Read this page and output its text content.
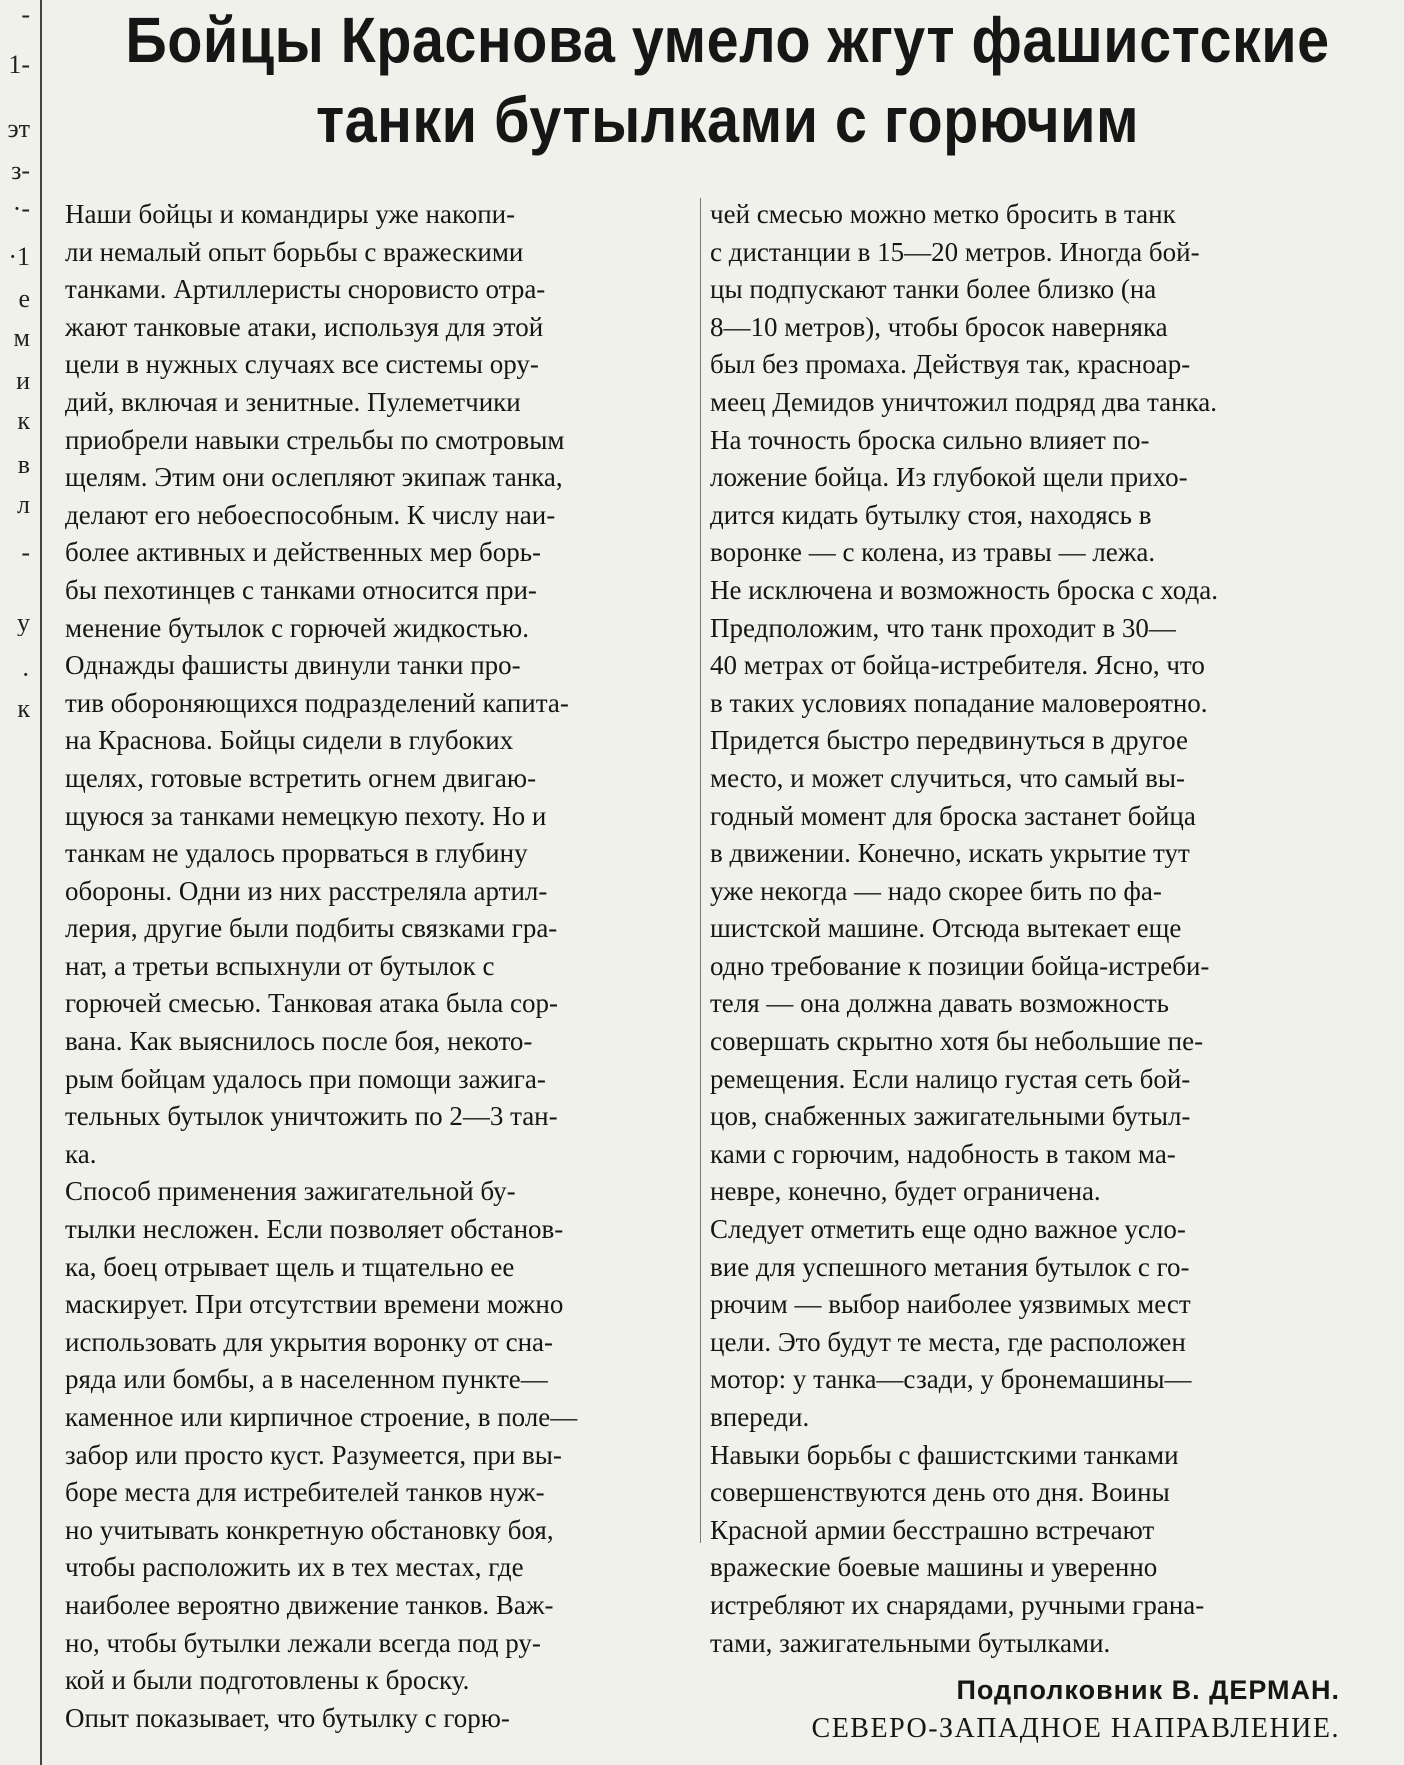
-
1-
эт
з-
·-
·1
е
м
и
к
в
л
-
у
·
к
Бойцы Краснова умело жгут фашистские
танки бутылками с горючим

Наши бойцы и командиры уже накопи-
ли немалый опыт борьбы с вражескими
танками. Артиллеристы сноровисто отра-
жают танковые атаки, используя для этой
цели в нужных случаях все системы ору-
дий, включая и зенитные. Пулеметчики
приобрели навыки стрельбы по смотровым
щелям. Этим они ослепляют экипаж танка,
делают его небоеспособным. К числу наи-
более активных и действенных мер борь-
бы пехотинцев с танками относится при-
менение бутылок с горючей жидкостью.

Однажды фашисты двинули танки про-
тив обороняющихся подразделений капита-
на Краснова. Бойцы сидели в глубоких
щелях, готовые встретить огнем двигаю-
щуюся за танками немецкую пехоту. Но и
танкам не удалось прорваться в глубину
обороны. Одни из них расстреляла артил-
лерия, другие были подбиты связками гра-
нат, а третьи вспыхнули от бутылок с
горючей смесью. Танковая атака была сор-
вана. Как выяснилось после боя, некото-
рым бойцам удалось при помощи зажига-
тельных бутылок уничтожить по 2—3 тан-
ка.

Способ применения зажигательной бу-
тылки несложен. Если позволяет обстанов-
ка, боец отрывает щель и тщательно ее
маскирует. При отсутствии времени можно
использовать для укрытия воронку от сна-
ряда или бомбы, а в населенном пункте—
каменное или кирпичное строение, в поле—
забор или просто куст. Разумеется, при вы-
боре места для истребителей танков нуж-
но учитывать конкретную обстановку боя,
чтобы расположить их в тех местах, где
наиболее вероятно движение танков. Важ-
но, чтобы бутылки лежали всегда под ру-
кой и были подготовлены к броску.

Опыт показывает, что бутылку с горю-

чей смесью можно метко бросить в танк
с дистанции в 15—20 метров. Иногда бой-
цы подпускают танки более близко (на
8—10 метров), чтобы бросок наверняка
был без промаха. Действуя так, красноар-
меец Демидов уничтожил подряд два танка.

На точность броска сильно влияет по-
ложение бойца. Из глубокой щели прихо-
дится кидать бутылку стоя, находясь в
воронке — с колена, из травы — лежа.
Не исключена и возможность броска с хода.

Предположим, что танк проходит в 30—
40 метрах от бойца-истребителя. Ясно, что
в таких условиях попадание маловероятно.
Придется быстро передвинуться в другое
место, и может случиться, что самый вы-
годный момент для броска застанет бойца
в движении. Конечно, искать укрытие тут
уже некогда — надо скорее бить по фа-
шистской машине. Отсюда вытекает еще
одно требование к позиции бойца-истреби-
теля — она должна давать возможность
совершать скрытно хотя бы небольшие пе-
ремещения. Если налицо густая сеть бой-
цов, снабженных зажигательными бутыл-
ками с горючим, надобность в таком ма-
невре, конечно, будет ограничена.

Следует отметить еще одно важное усло-
вие для успешного метания бутылок с го-
рючим — выбор наиболее уязвимых мест
цели. Это будут те места, где расположен
мотор: у танка—сзади, у бронемашины—
впереди.

Навыки борьбы с фашистскими танками
совершенствуются день ото дня. Воины
Красной армии бесстрашно встречают
вражеские боевые машины и уверенно
истребляют их снарядами, ручными грана-
тами, зажигательными бутылками.

Подполковник В. ДЕРМАН.
СЕВЕРО-ЗАПАДНОЕ НАПРАВЛЕНИЕ.
